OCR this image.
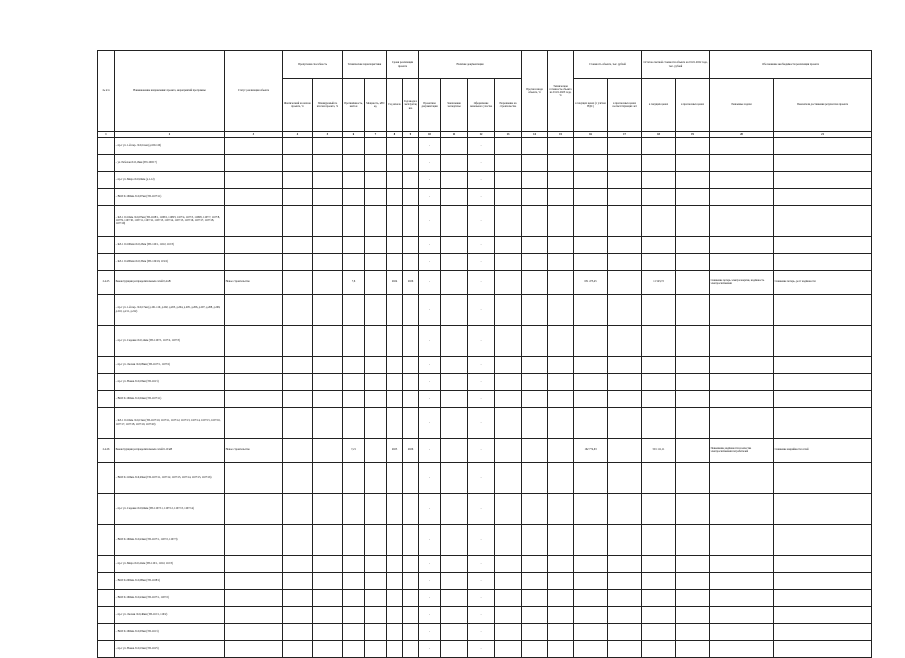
№ п/п	Наименование направления/ проекта, мероприятий программы	Статус реализации объекта	Пропускная способность		Технические характеристики		Сроки реализации проекта		Наличие документации				Прогноз ввода объекта, %	Техническая готовность объекта на 01.01.2023 года, %	Стоимость объекта, тыс. рублей		Остаток сметной стоимости объекта на 01.01.2022 года, тыс. рублей		Обоснование необходимости реализации проекта	
			Фактический на начало проекта, %	Планируемый по итогам проекта, %	Протяжённость, км/п.м	Мощность, кВт/ед.	Год начала	Год ввода в эксплуатацию	Проектная документация	Заключение экспертизы	Оформление земельного участка	Разрешение на строительство			в текущих ценах (с учётом НДС)	в прогнозных ценах соответствующих лет	в текущих ценах	в прогнозных ценах	Решаемые задачи	Показатели достижения результатов проекта
1	2	3	4	5	6	7	8	9	10	11	12	13	14	15	16	17	18	19	20	21
	– пр-т ул. 1-й пер. Л=0,11км (д.100-110)								-		-									
	– ул. Рабочая Л=0,16км (ТП-100/17)								-		-									
	– пр-т ул. Мира Л=0,04км (д.1-12)								-		-									
	– ВОЛ 0=160мм Л=0,07км (ТП-1107/11)								-		-									
	– КЛ-1 0=10мм Л=0,07км (ТП-1108/1, 1108/2, 1108/3, 1107/4, 1107/5, 1108/6, 1107/7, 1107/8, 1107/9, 1107/10, 1107/11, 1107/12, 1107/13, 1107/14, 1107/15, 1107/16, 1107/17, 1107/18, 1107/19)								-		-									
	– КЛ-1 0=160мм Л=0,23км (ТП-110/1, 110/2, 110/3)								-		-									
	– КЛ-1 0=200мм Л=0,35км (ТП-119/19, 119/2)								-		-									
2.4.25	Реконструкция распределительных сетей 0,4 кВ	Новое строительство			7,6		2024	2026	-		-				651 473,45		11 543,72		Снижение потерь электроэнергии, надёжность электроснабжения	Снижение потерь, рост надёжности
	– пр-т ул. 1-й пер. Л=0,17км (д.101-110, д.202, д.203, д.204, д.205, д.206, д.207, д.208, д.209, д.210, д.211, д.212)								-		-									
	– пр-т ул. Садовая Л=0,14км (ТП-1107/1, 1107/2, 1107/3)								-		-									
	– пр-т ул. Лесная Л=0,09км (ТП-1107/1, 1107/2)								-		-									
	– пр-т ул. Новая Л=0,18км (ТП-110/1)								-		-									
	– ВОЛ 0=160мм Л=0,04км (ТП-1107/11)								-		-									
	– КЛ-1 0=10мм Л=0,15км (ТП-1107/10, 1107/11, 1107/12, 1107/13, 1107/14, 1107/15, 1107/16, 1107/17, 1107/18, 1107/19, 1107/20)								-		-									
2.4.26	Реконструкция распределительных сетей 6-10 кВ	Новое строительство			7,21		2025	2026	-		-				162 774,63		501 111,11		Повышение надёжности и качества электроснабжения потребителей	Снижение аварийности сетей
	– ВОЛ 0=110мм Л=0,29км (ТП-1107/11, 1107/12, 1107/13, 1107/14, 1107/15, 1107/16)								-		-									
	– пр-т ул. Садовая Л=0,64км (ТП-1107/11, 1107/12, 1107/13, 1107/14)								-		-									
	– ВОЛ 0=160мм Л=0,24км (ТП-1107/1, 1107/2, 1107/3)								-		-									
	– пр-т ул. Мира Л=0,41км (ТП-110/1, 110/2, 110/3)								-		-									
	– ВОЛ 0=200мм Л=0,08км (ТП-1108/1)								-		-									
	– ВОЛ 0=160мм Л=0,24км (ТП-1107/1, 1107/2)								-		-									
	– пр-т ул. Лесная Л=0,46км (ТП-110/1, 110/2)								-		-									
	– ВОЛ 0=160мм Л=0,03км (ТП-110/1)								-		-									
	– пр-т ул. Новая Л=0,19км (ТП-110/5)								-		-									
